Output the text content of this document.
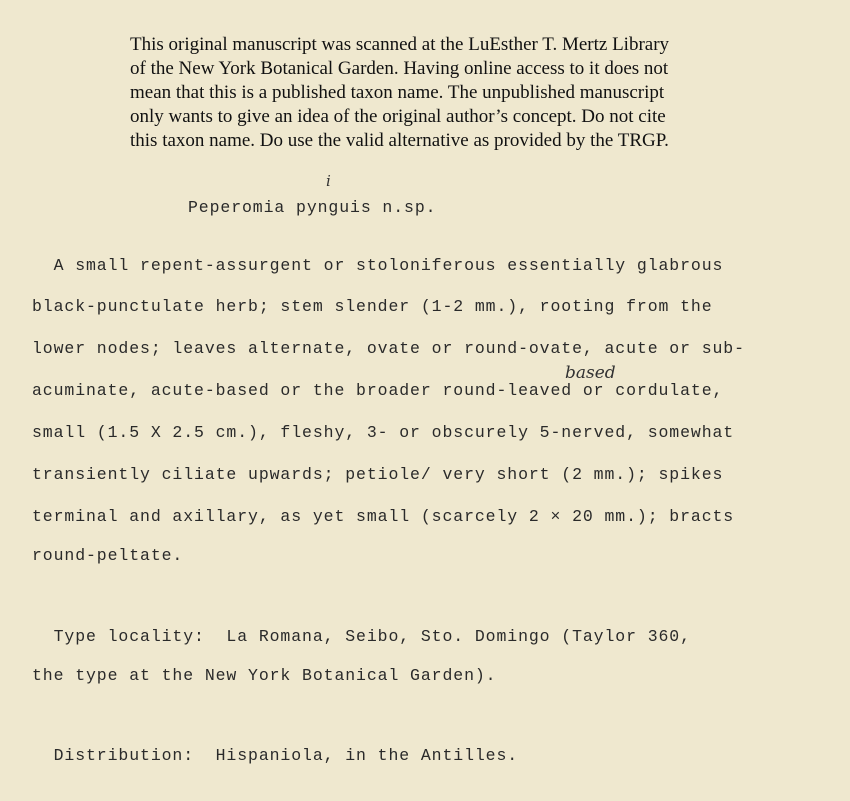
This original manuscript was scanned at the LuEsther T. Mertz Library
of the New York Botanical Garden. Having online access to it does not
mean that this is a published taxon name. The unpublished manuscript
only wants to give an idea of the original author’s concept. Do not cite
this taxon name. Do use the valid alternative as provided by the TRGP.
i
Peperomia pynguis n.sp.
A small repent-assurgent or stoloniferous essentially glabrous
black-punctulate herb; stem slender (1-2 mm.), rooting from the
lower nodes; leaves alternate, ovate or round-ovate, acute or sub-
based
acuminate, acute-based or the broader round-leaved or cordulate,
small (1.5 X 2.5 cm.), fleshy, 3- or obscurely 5-nerved, somewhat
transiently ciliate upwards; petiole/ very short (2 mm.); spikes
terminal and axillary, as yet small (scarcely 2 × 20 mm.); bracts
round-peltate.
Type locality:  La Romana, Seibo, Sto. Domingo (Taylor 360,
the type at the New York Botanical Garden).
Distribution:  Hispaniola, in the Antilles.
